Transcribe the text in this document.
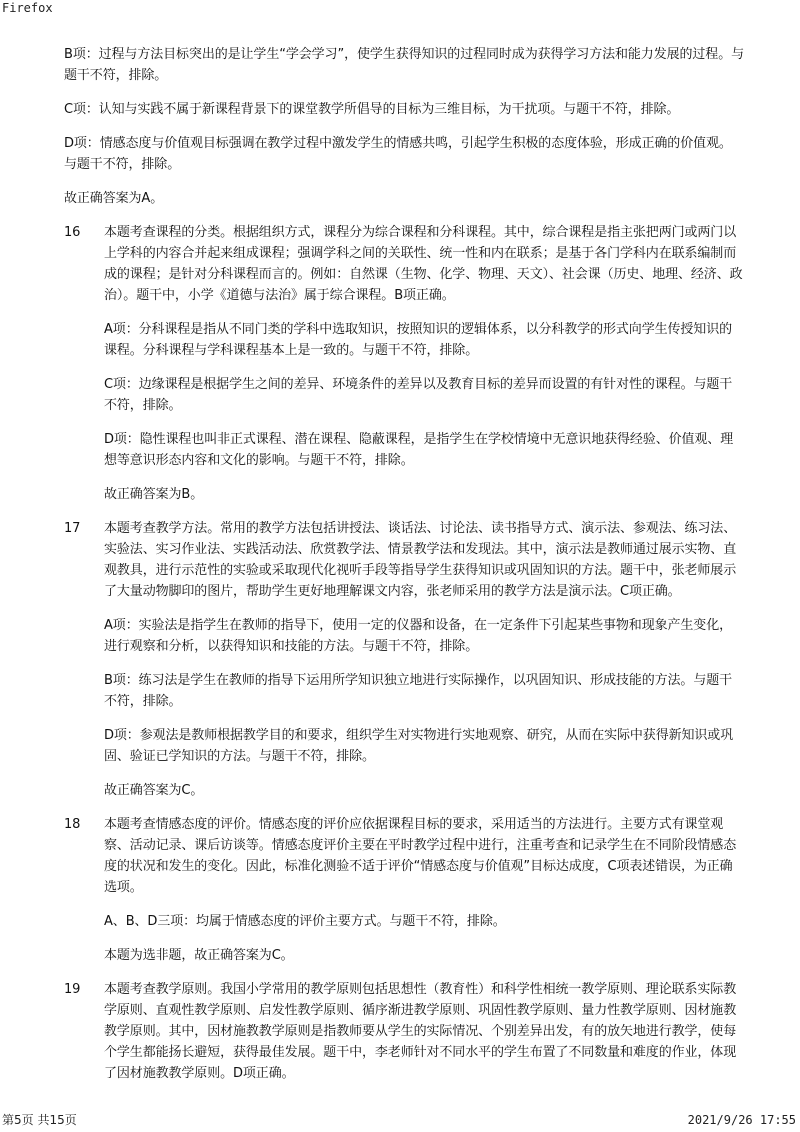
Firefox

B项：过程与方法目标突出的是让学生“学会学习”，使学生获得知识的过程同时成为获得学习方法和能力发展的过程。与题干不符，排除。

C项：认知与实践不属于新课程背景下的课堂教学所倡导的目标为三维目标，为干扰项。与题干不符，排除。

D项：情感态度与价值观目标强调在教学过程中激发学生的情感共鸣，引起学生积极的态度体验，形成正确的价值观。与题干不符，排除。

故正确答案为A。

16 本题考查课程的分类。根据组织方式，课程分为综合课程和分科课程。其中，综合课程是指主张把两门或两门以上学科的内容合并起来组成课程；强调学科之间的关联性、统一性和内在联系；是基于各门学科内在联系编制而成的课程；是针对分科课程而言的。例如：自然课（生物、化学、物理、天文）、社会课（历史、地理、经济、政治）。题干中，小学《道德与法治》属于综合课程。B项正确。

A项：分科课程是指从不同门类的学科中选取知识，按照知识的逻辑体系，以分科教学的形式向学生传授知识的课程。分科课程与学科课程基本上是一致的。与题干不符，排除。

C项：边缘课程是根据学生之间的差异、环境条件的差异以及教育目标的差异而设置的有针对性的课程。与题干不符，排除。

D项：隐性课程也叫非正式课程、潜在课程、隐蔽课程，是指学生在学校情境中无意识地获得经验、价值观、理想等意识形态内容和文化的影响。与题干不符，排除。

故正确答案为B。

17 本题考查教学方法。常用的教学方法包括讲授法、谈话法、讨论法、读书指导方式、演示法、参观法、练习法、实验法、实习作业法、实践活动法、欣赏教学法、情景教学法和发现法。其中，演示法是教师通过展示实物、直观教具，进行示范性的实验或采取现代化视听手段等指导学生获得知识或巩固知识的方法。题干中，张老师展示了大量动物脚印的图片，帮助学生更好地理解课文内容，张老师采用的教学方法是演示法。C项正确。

A项：实验法是指学生在教师的指导下，使用一定的仪器和设备，在一定条件下引起某些事物和现象产生变化，进行观察和分析，以获得知识和技能的方法。与题干不符，排除。

B项：练习法是学生在教师的指导下运用所学知识独立地进行实际操作，以巩固知识、形成技能的方法。与题干不符，排除。

D项：参观法是教师根据教学目的和要求，组织学生对实物进行实地观察、研究，从而在实际中获得新知识或巩固、验证已学知识的方法。与题干不符，排除。

故正确答案为C。

18 本题考查情感态度的评价。情感态度的评价应依据课程目标的要求，采用适当的方法进行。主要方式有课堂观察、活动记录、课后访谈等。情感态度评价主要在平时教学过程中进行，注重考查和记录学生在不同阶段情感态度的状况和发生的变化。因此，标准化测验不适于评价“情感态度与价值观”目标达成度，C项表述错误，为正确选项。

A、B、D三项：均属于情感态度的评价主要方式。与题干不符，排除。

本题为选非题，故正确答案为C。

19 本题考查教学原则。我国小学常用的教学原则包括思想性（教育性）和科学性相统一教学原则、理论联系实际教学原则、直观性教学原则、启发性教学原则、循序渐进教学原则、巩固性教学原则、量力性教学原则、因材施教教学原则。其中，因材施教教学原则是指教师要从学生的实际情况、个别差异出发，有的放矢地进行教学，使每个学生都能扬长避短，获得最佳发展。题干中，李老师针对不同水平的学生布置了不同数量和难度的作业，体现了因材施教教学原则。D项正确。

第5页 共15页	2021/9/26 17:55
